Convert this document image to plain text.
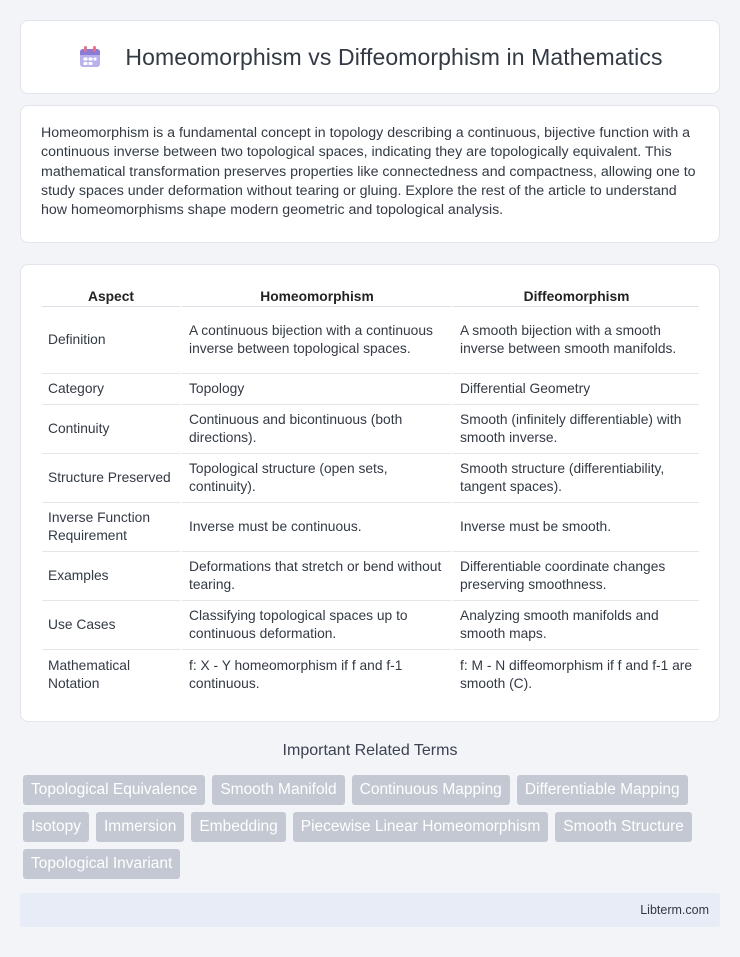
Homeomorphism vs Diffeomorphism in Mathematics

Homeomorphism is a fundamental concept in topology describing a continuous, bijective function with a continuous inverse between two topological spaces, indicating they are topologically equivalent. This mathematical transformation preserves properties like connectedness and compactness, allowing one to study spaces under deformation without tearing or gluing. Explore the rest of the article to understand how homeomorphisms shape modern geometric and topological analysis.

Aspect	Homeomorphism	Diffeomorphism
Definition	A continuous bijection with a continuous inverse between topological spaces.	A smooth bijection with a smooth inverse between smooth manifolds.
Category	Topology	Differential Geometry
Continuity	Continuous and bicontinuous (both directions).	Smooth (infinitely differentiable) with smooth inverse.
Structure Preserved	Topological structure (open sets, continuity).	Smooth structure (differentiability, tangent spaces).
Inverse Function Requirement	Inverse must be continuous.	Inverse must be smooth.
Examples	Deformations that stretch or bend without tearing.	Differentiable coordinate changes preserving smoothness.
Use Cases	Classifying topological spaces up to continuous deformation.	Analyzing smooth manifolds and smooth maps.
Mathematical Notation	f: X - Y homeomorphism if f and f-1 continuous.	f: M - N diffeomorphism if f and f-1 are smooth (C).
Important Related Terms
Topological Equivalence	Smooth Manifold	Continuous Mapping	Differentiable Mapping
Isotopy	Immersion	Embedding	Piecewise Linear Homeomorphism	Smooth Structure
Topological Invariant
Libterm.com
